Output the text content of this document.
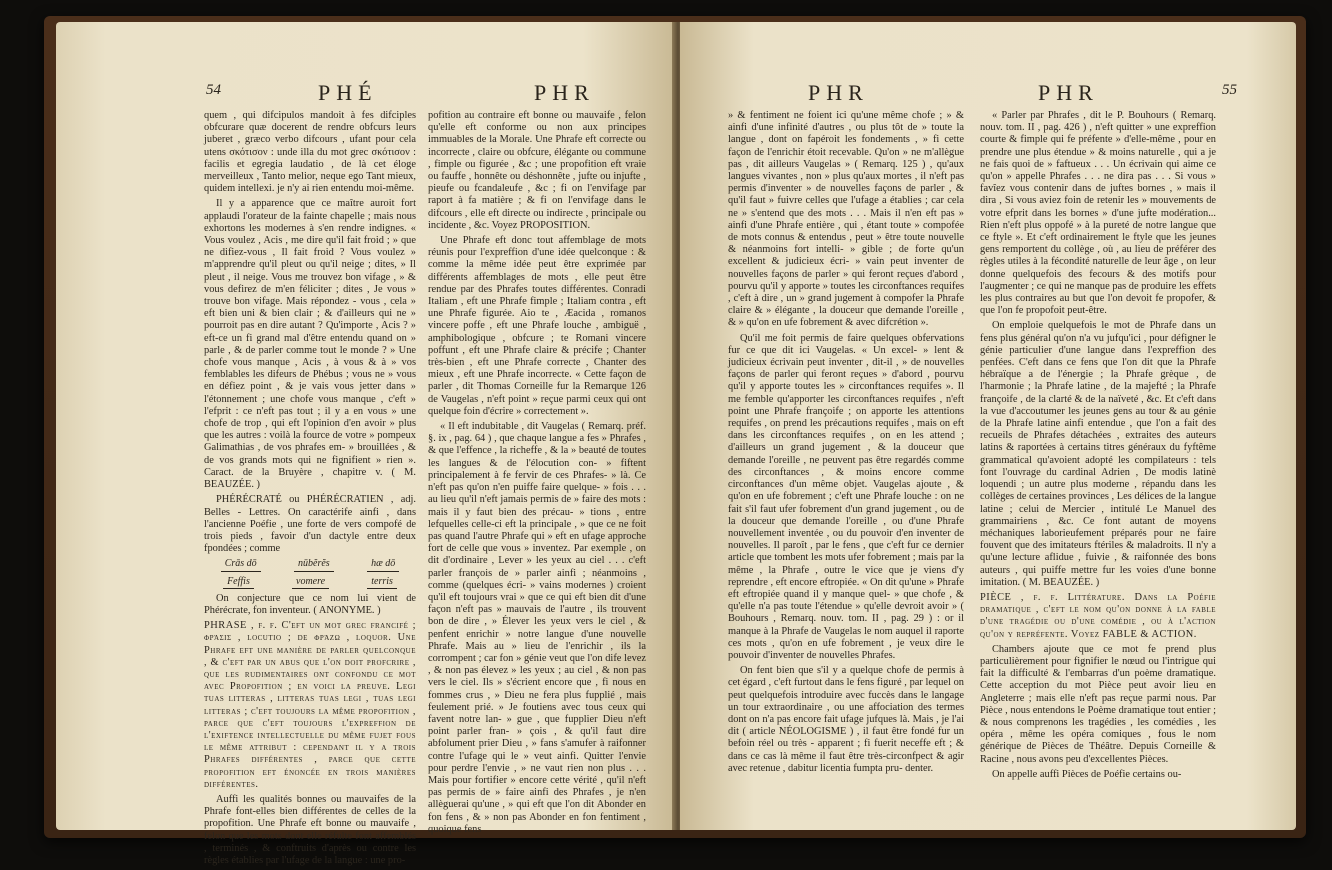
54	PHÉ	PHR

quem , qui difcipulos mandoit à fes difciples obfcurare quæ docerent de rendre obfcurs leurs juberet , græco verbo difcours , ufant pour cela utens σκότισον : unde illa du mot grec σκότισον : facilis et egregia laudatio , de là cet éloge merveilleux , Tanto melior, neque ego Tant mieux, quidem intellexi. je n'y ai rien entendu moi-même.

Il y a apparence que ce maître auroit fort applaudi l'orateur de la fainte chapelle ; mais nous exhortons les modernes à s'en rendre indignes. « Vous voulez , Acis , me dire qu'il fait froid ; » que ne difiez-vous , Il fait froid ? Vous voulez » m'apprendre qu'il pleut ou qu'il neige ; dites, » Il pleut , il neige. Vous me trouvez bon vifage , » & vous defirez de m'en féliciter ; dites , Je vous » trouve bon vifage. Mais répondez - vous , cela » eft bien uni & bien clair ; & d'ailleurs qui ne » pourroit pas en dire autant ? Qu'importe , Acis ? » eft-ce un fi grand mal d'être entendu quand on » parle , & de parler comme tout le monde ? » Une chofe vous manque , Acis , à vous & à » vos femblables les difeurs de Phébus ; vous ne » vous en défiez point , & je vais vous jetter dans » l'étonnement ; une chofe vous manque , c'eft » l'efprit : ce n'eft pas tout ; il y a en vous » une chofe de trop , qui eft l'opinion d'en avoir » plus que les autres : voilà la fource de votre » pompeux Galimathias , de vos phrafes em- » brouillées , & de vos grands mots qui ne fignifient » rien ». Caract. de la Bruyère , chapitre v. ( M. BEAUZÉE. )

PHÉRÉCRATÉ ou PHÉRÉCRATIEN , adj. Belles - Lettres. On caractérife ainfi , dans l'ancienne Poéfie , une forte de vers compofé de trois pieds , favoir d'un dactyle entre deux fpondées ; comme

Crās dō	nūbĕrĕs	hæ dō
Feffis	vomere	terris

On conjecture que ce nom lui vient de Phérécrate, fon inventeur. ( ANONYME. )

PHRASE , f. f. C'eft un mot grec francifé ; φράσις , locutio ; de φράζω , loquor. Une Phrafe eft une manière de parler quelconque , & c'eft par un abus que l'on doit profcrire , que les rudimentaires ont confondu ce mot avec Propofition ; en voici la preuve. Legi tuas litteras , litteras tuas legi , tuas legi litteras ; c'eft toujours la même propofition , parce que c'eft toujours l'expreffion de l'exiftence intellectuelle du même fujet fous le même attribut : cependant il y a trois Phrafes différentes , parce que cette propofition eft énoncée en trois manières différentes.

Auffi les qualités bonnes ou mauvaifes de la Phrafe font-elles bien différentes de celles de la propofition. Une Phrafe eft bonne ou mauvaife , felon que les mots dont elle réfulte font affemblés , terminés , & conftruits d'après ou contre les règles établies par l'ufage de la langue : une pro-

pofition au contraire eft bonne ou mauvaife , felon qu'elle eft conforme ou non aux principes immuables de la Morale. Une Phrafe eft correcte ou incorrecte , claire ou obfcure, élégante ou commune , fimple ou figurée , &c ; une propofition eft vraie ou fauffe , honnête ou déshonnête , jufte ou injufte , pieufe ou fcandaleufe , &c ; fi on l'envifage par raport à fa matière ; & fi on l'envifage dans le difcours , elle eft directe ou indirecte , principale ou incidente , &c. Voyez PROPOSITION.

Une Phrafe eft donc tout affemblage de mots réunis pour l'expreffion d'une idée quelconque : & comme la même idée peut être exprimée par différents affemblages de mots , elle peut être rendue par des Phrafes toutes différentes. Conradi Italiam , eft une Phrafe fimple ; Italiam contra , eft une Phrafe figurée. Aio te , Æacida , romanos vincere poffe , eft une Phrafe louche , ambiguë , amphibologique , obfcure ; te Romani vincere poffunt , eft une Phrafe claire & précife ; Chanter très-bien , eft une Phrafe correcte , Chanter des mieux , eft une Phrafe incorrecte. « Cette façon de parler , dit Thomas Corneille fur la Remarque 126 de Vaugelas , n'eft point » reçue parmi ceux qui ont quelque foin d'écrire » correctement ».

« Il eft indubitable , dit Vaugelas ( Remarq. préf. §. ix , pag. 64 ) , que chaque langue a fes » Phrafes , & que l'effence , la richeffe , & la » beauté de toutes les langues & de l'élocution con- » fiftent principalement à fe fervir de ces Phrafes- » là. Ce n'eft pas qu'on n'en puiffe faire quelque- » fois . . . au lieu qu'il n'eft jamais permis de » faire des mots : mais il y faut bien des précau- » tions , entre lefquelles celle-ci eft la principale , » que ce ne foit pas quand l'autre Phrafe qui » eft en ufage approche fort de celle que vous » inventez. Par exemple , on dit d'ordinaire , Lever » les yeux au ciel . . . c'eft parler françois de » parler ainfi ; néanmoins , comme (quelques écri- » vains modernes ) croient qu'il eft toujours vrai » que ce qui eft bien dit d'une façon n'eft pas » mauvais de l'autre , ils trouvent bon de dire , » Élever les yeux vers le ciel , & penfent enrichir » notre langue d'une nouvelle Phrafe. Mais au » lieu de l'enrichir , ils la corrompent ; car fon » génie veut que l'on dife levez , & non pas élevez » les yeux ; au ciel , & non pas vers le ciel. Ils » s'écrient encore que , fi nous en fommes crus , » Dieu ne fera plus fupplié , mais feulement prié. » Je foutiens avec tous ceux qui favent notre lan- » gue , que fupplier Dieu n'eft point parler fran- » çois , & qu'il faut dire abfolument prier Dieu , » fans s'amufer à raifonner contre l'ufage qui le » veut ainfi. Quitter l'envie pour perdre l'envie , » ne vaut rien non plus . . . Mais pour fortifier » encore cette vérité , qu'il n'eft pas permis de » faire ainfi des Phrafes , je n'en allèguerai qu'une , » qui eft que l'on dit Abonder en fon fens , & » non pas Abonder en fon fentiment , quoique fens

PHR	PHR	55

» & fentiment ne foient ici qu'une même chofe ; » & ainfi d'une infinité d'autres , ou plus tôt de » toute la langue , dont on fapéroit les fondements , » fi cette façon de l'enrichir étoit recevable. Qu'on » ne m'allègue pas , dit ailleurs Vaugelas » ( Remarq. 125 ) , qu'aux langues vivantes , non » plus qu'aux mortes , il n'eft pas permis d'inventer » de nouvelles façons de parler , & qu'il faut » fuivre celles que l'ufage a établies ; car cela ne » s'entend que des mots . . . Mais il n'en eft pas » ainfi d'une Phrafe entière , qui , étant toute » compofée de mots connus & entendus , peut » être toute nouvelle & néanmoins fort intelli- » gible ; de forte qu'un excellent & judicieux écri- » vain peut inventer de nouvelles façons de parler » qui feront reçues d'abord , pourvu qu'il y apporte » toutes les circonftances requifes , c'eft à dire , un » grand jugement à compofer la Phrafe claire & » élégante , la douceur que demande l'oreille , & » qu'on en ufe fobrement & avec difcrétion ».

Qu'il me foit permis de faire quelques obfervations fur ce que dit ici Vaugelas. « Un excel- » lent & judicieux écrivain peut inventer , dit-il , » de nouvelles façons de parler qui feront reçues » d'abord , pourvu qu'il y apporte toutes les » circonftances requifes ». Il me femble qu'apporter les circonftances requifes , n'eft point une Phrafe françoife ; on apporte les attentions requifes , on prend les précautions requifes , mais on eft dans les circonftances requifes , on en les attend ; d'ailleurs un grand jugement , & la douceur que demande l'oreille , ne peuvent pas être regardés comme des circonftances , & moins encore comme circonftances d'un même objet. Vaugelas ajoute , & qu'on en ufe fobrement ; c'eft une Phrafe louche : on ne fait s'il faut ufer fobrement d'un grand jugement , ou de la douceur que demande l'oreille , ou d'une Phrafe nouvellement inventée , ou du pouvoir d'en inventer de nouvelles. Il paroît , par le fens , que c'eft fur ce dernier article que tombent les mots ufer fobrement ; mais par la même , la Phrafe , outre le vice que je viens d'y reprendre , eft encore eftropiée. « On dit qu'une » Phrafe eft eftropiée quand il y manque quel- » que chofe , & qu'elle n'a pas toute l'étendue » qu'elle devroit avoir » ( Bouhours , Remarq. nouv. tom. II , pag. 29 ) : or il manque à la Phrafe de Vaugelas le nom auquel il raporte ces mots , qu'on en ufe fobrement , je veux dire le pouvoir d'inventer de nouvelles Phrafes.

On fent bien que s'il y a quelque chofe de permis à cet égard , c'eft furtout dans le fens figuré , par lequel on peut quelquefois introduire avec fuccès dans le langage un tour extraordinaire , ou une affociation des termes dont on n'a pas encore fait ufage jufques là. Mais , je l'ai dit ( article NÉOLOGISME ) , il faut être fondé fur un befoin réel ou très - apparent ; fi fuerit neceffe eft ; & dans ce cas là même il faut être très-circonfpect & agir avec retenue , dabitur licentia fumpta pru- denter.

« Parler par Phrafes , dit le P. Bouhours ( Remarq. nouv. tom. II , pag. 426 ) , n'eft quitter » une expreffion courte & fimple qui fe préfente » d'elle-même , pour en prendre une plus étendue » & moins naturelle , qui a je ne fais quoi de » faftueux . . . Un écrivain qui aime ce qu'on » appelle Phrafes . . . ne dira pas . . . Si vous » favîez vous contenir dans de juftes bornes , » mais il dira , Si vous aviez foin de retenir les » mouvements de votre efprit dans les bornes » d'une jufte modération... Rien n'eft plus oppofé » à la pureté de notre langue que ce ftyle ». Et c'eft ordinairement le ftyle que les jeunes gens remportent du collège , où , au lieu de préférer des règles utiles à la fécondité naturelle de leur âge , on leur donne quelquefois des fecours & des motifs pour l'augmenter ; ce qui ne manque pas de produire les effets les plus contraires au but que l'on devoit fe propofer, & que l'on fe propofoit peut-être.

On emploie quelquefois le mot de Phrafe dans un fens plus général qu'on n'a vu jufqu'ici , pour défigner le génie particulier d'une langue dans l'expreffion des penfées. C'eft dans ce fens que l'on dit que la Phrafe hébraïque a de l'énergie ; la Phrafe grèque , de l'harmonie ; la Phrafe latine , de la majefté ; la Phrafe françoife , de la clarté & de la naïveté , &c. Et c'eft dans la vue d'accoutumer les jeunes gens au tour & au génie de la Phrafe latine ainfi entendue , que l'on a fait des recueils de Phrafes détachées , extraites des auteurs latins & raportées à certains titres généraux du fyftême grammatical qu'avoient adopté les compilateurs : tels font l'ouvrage du cardinal Adrien , De modis latinè loquendi ; un autre plus moderne , répandu dans les collèges de certaines provinces , Les délices de la langue latine ; celui de Mercier , intitulé Le Manuel des grammairiens , &c. Ce font autant de moyens méchaniques laborieufement préparés pour ne faire fouvent que des imitateurs ftériles & maladroits. Il n'y a qu'une lecture aflidue , fuivie , & raifonnée des bons auteurs , qui puiffe mettre fur les voies d'une bonne imitation. ( M. BEAUZÉE. )

PIÈCE , f. f. Littérature. Dans la Poéfie dramatique , c'eft le nom qu'on donne à la fable d'une tragédie ou d'une comédie , ou à l'action qu'on y repréfente. Voyez FABLE & ACTION.

Chambers ajoute que ce mot fe prend plus particulièrement pour fignifier le nœud ou l'intrigue qui fait la difficulté & l'embarras d'un poème dramatique. Cette acception du mot Pièce peut avoir lieu en Angleterre ; mais elle n'eft pas reçue parmi nous. Par Pièce , nous entendons le Poème dramatique tout entier ; & nous comprenons les tragédies , les comédies , les opéra , même les opéra comiques , fous le nom générique de Pièces de Théâtre. Depuis Corneille & Racine , nous avons peu d'excellentes Pièces.

On appelle auffi Pièces de Poéfie certains ou-
